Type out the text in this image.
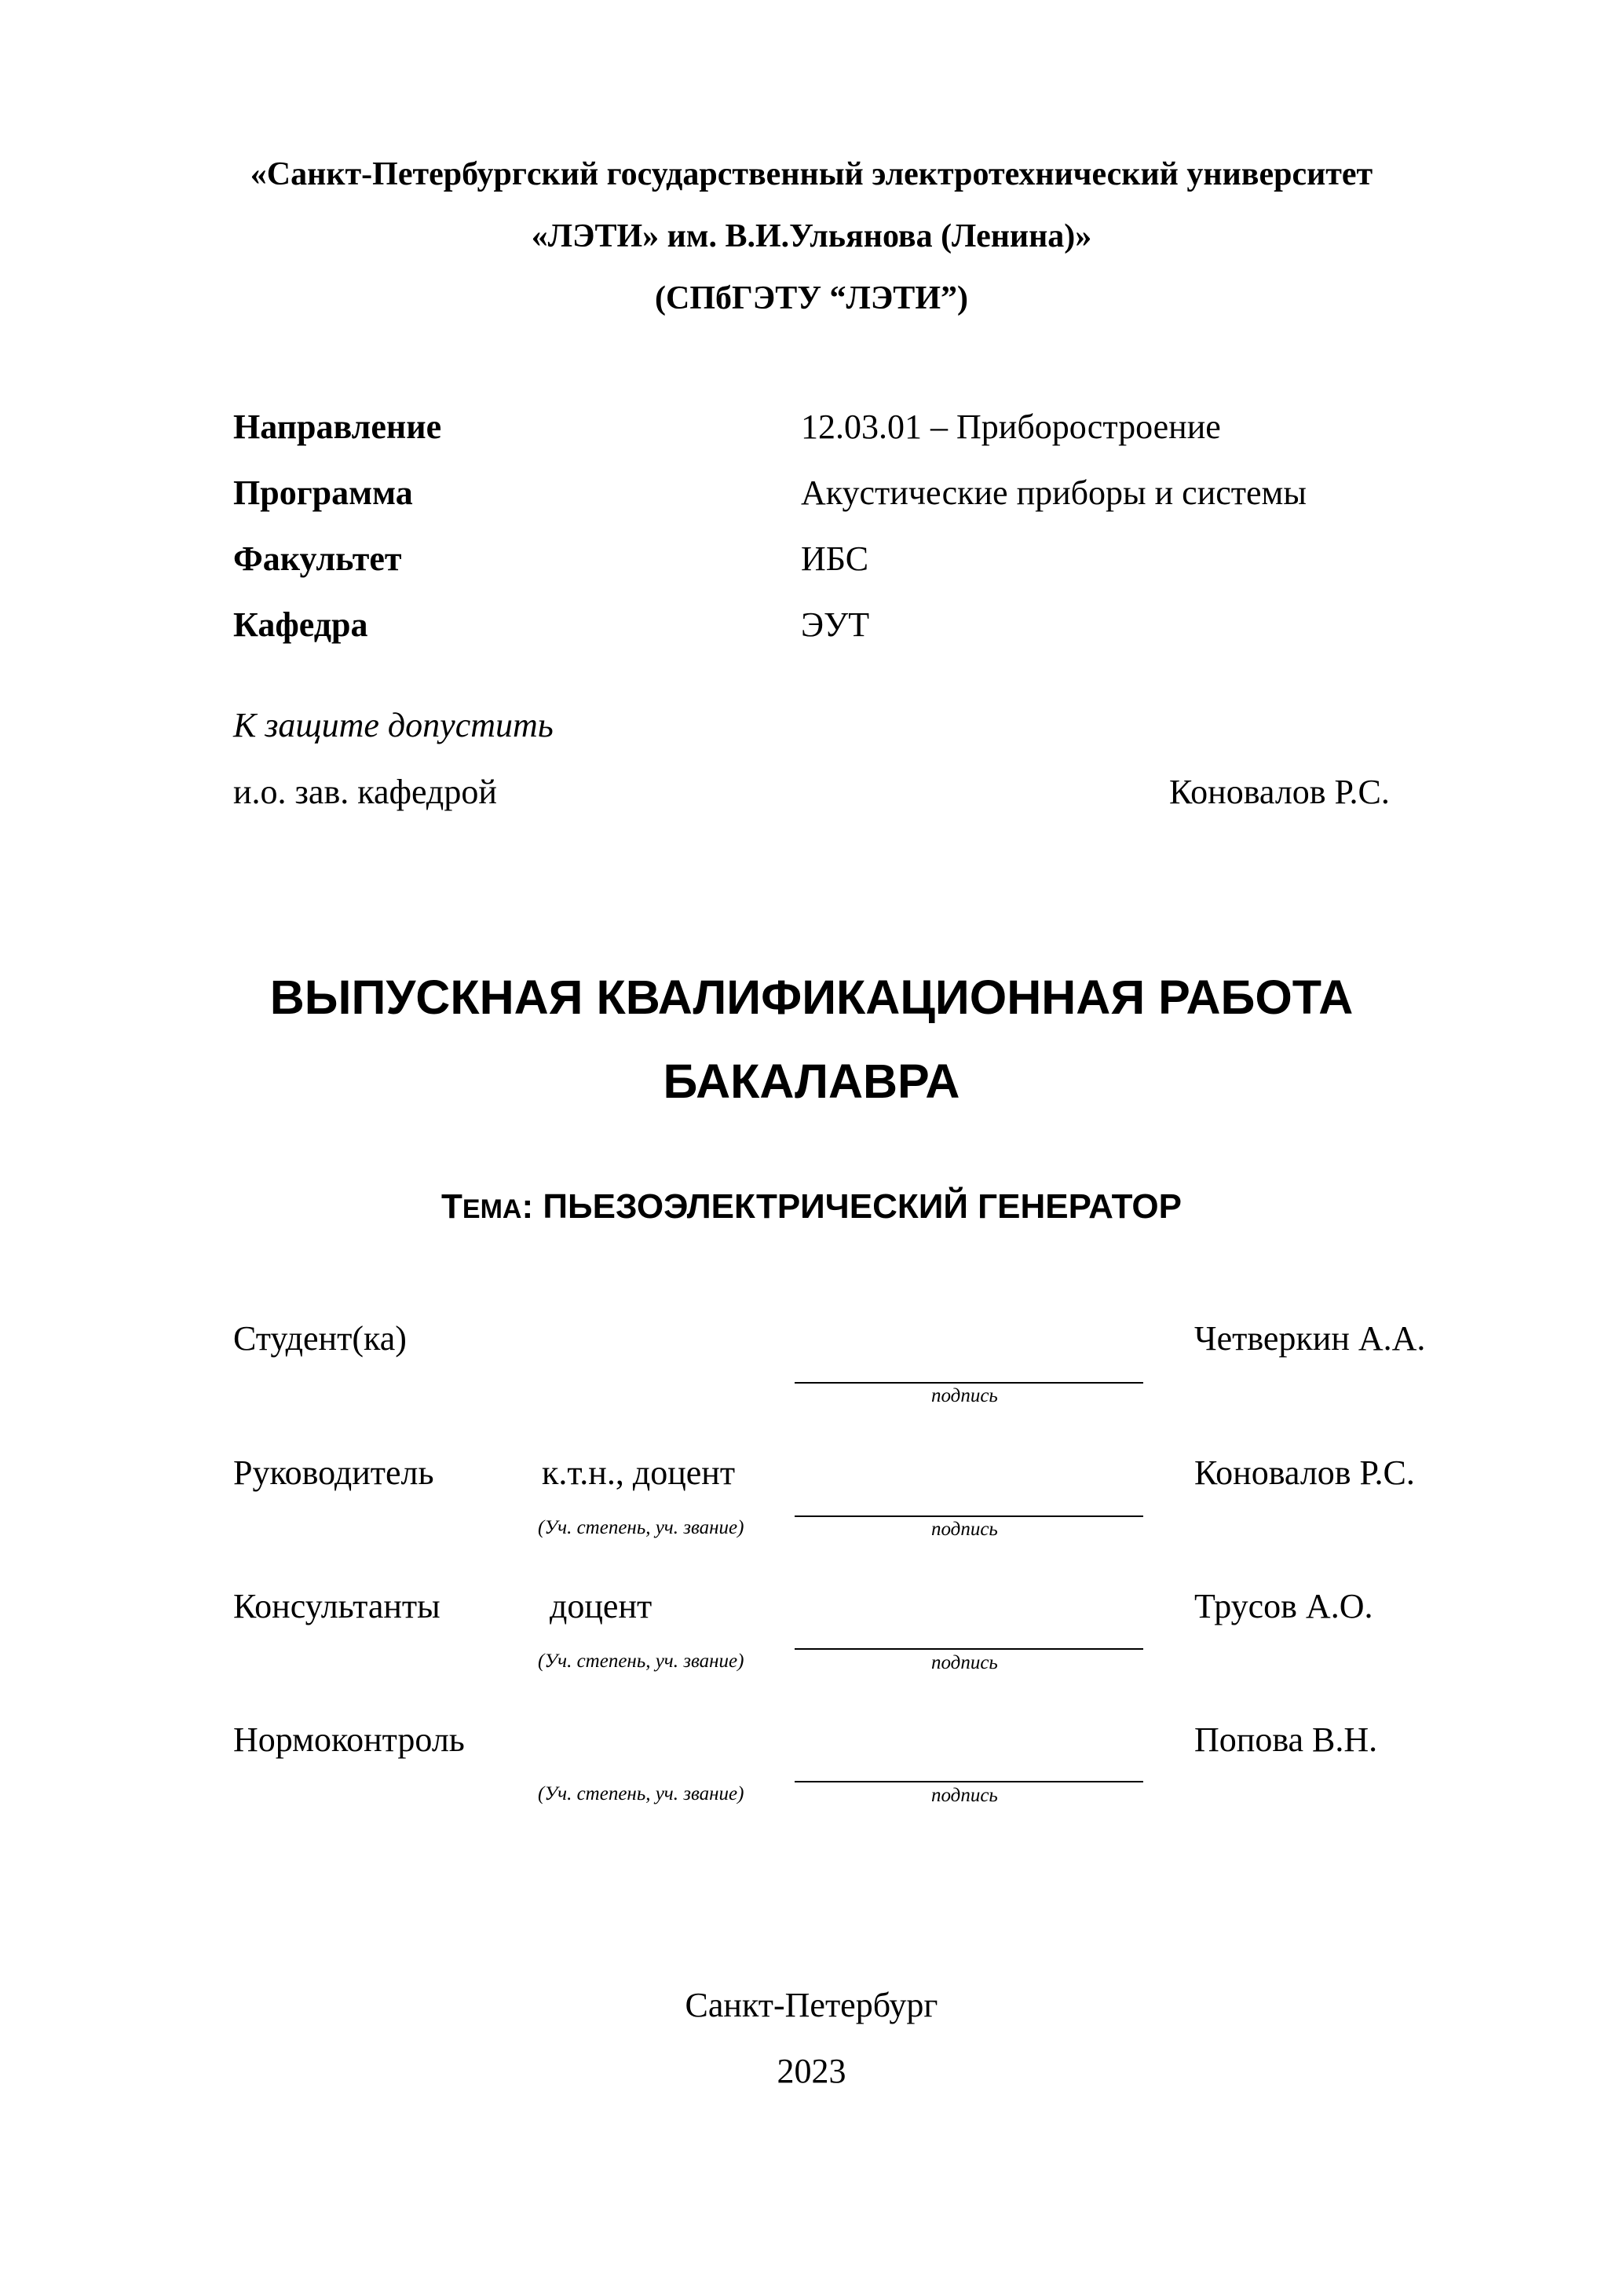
«Санкт-Петербургский государственный электротехнический университет
«ЛЭТИ» им. В.И.Ульянова (Ленина)»
(СПбГЭТУ “ЛЭТИ”)
Направление	12.03.01 – Приборостроение
Программа	Акустические приборы и системы
Факультет	ИБС
Кафедра	ЭУТ
К защите допустить
и.о. зав. кафедрой	Коновалов Р.С.
ВЫПУСКНАЯ КВАЛИФИКАЦИОННАЯ РАБОТА
БАКАЛАВРА
ТЕМА: ПЬЕЗОЭЛЕКТРИЧЕСКИЙ ГЕНЕРАТОР
Студент(ка)
подпись
Четверкин А.А.
Руководитель	к.т.н., доцент
(Уч. степень, уч. звание)	подпись
Коновалов Р.С.
Консультанты	доцент
(Уч. степень, уч. звание)	подпись
Трусов А.О.
Нормоконтроль
(Уч. степень, уч. звание)	подпись
Попова В.Н.
Санкт-Петербург
2023
